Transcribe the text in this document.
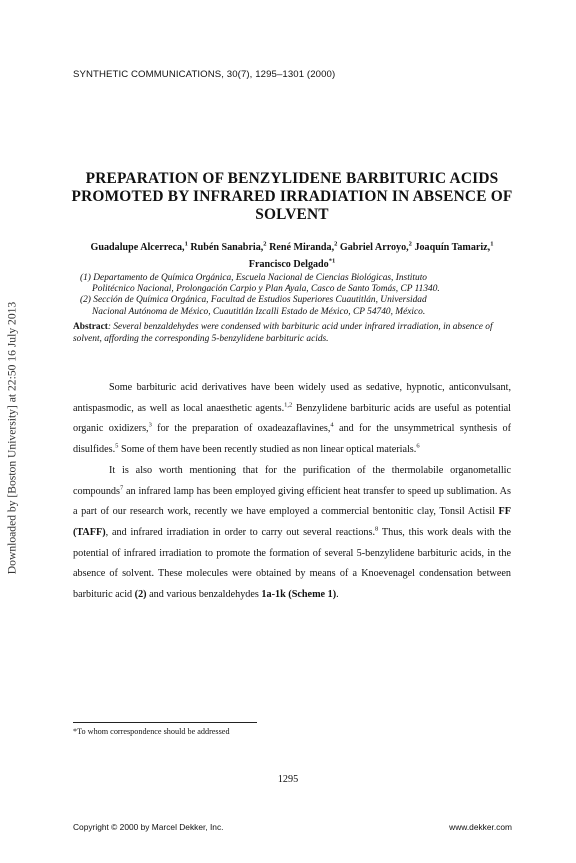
Downloaded by [Boston University] at 22:50 16 July 2013
SYNTHETIC COMMUNICATIONS, 30(7), 1295–1301 (2000)
PREPARATION OF BENZYLIDENE BARBITURIC ACIDS PROMOTED BY INFRARED IRRADIATION IN ABSENCE OF SOLVENT
Guadalupe Alcerreca,$^1$ Rubén Sanabria,$^2$ René Miranda,$^2$ Gabriel Arroyo,$^2$ Joaquín Tamariz,$^1$ Francisco Delgado$^{*1}$
(1) Departamento de Química Orgánica, Escuela Nacional de Ciencias Biológicas, Instituto
Politécnico Nacional, Prolongación Carpio y Plan Ayala, Casco de Santo Tomás, CP 11340.
(2) Sección de Química Orgánica, Facultad de Estudios Superiores Cuautitlán, Universidad
Nacional Autónoma de México, Cuautitlán Izcalli Estado de México, CP 54740, México.
Abstract: Several benzaldehydes were condensed with barbituric acid under infrared irradiation, in absence of solvent, affording the corresponding 5-benzylidene barbituric acids.

Some barbituric acid derivatives have been widely used as sedative, hypnotic, anticonvulsant, antispasmodic, as well as local anaesthetic agents.$^{1,2}$ Benzylidene barbituric acids are useful as potential organic oxidizers,$^3$ for the preparation of oxadeazaflavines,$^4$ and for the unsymmetrical synthesis of disulfides.$^5$ Some of them have been recently studied as non linear optical materials.$^6$

It is also worth mentioning that for the purification of the thermolabile organometallic compounds$^7$ an infrared lamp has been employed giving efficient heat transfer to speed up sublimation. As a part of our research work, recently we have employed a commercial bentonitic clay, Tonsil Actisil FF (TAFF), and infrared irradiation in order to carry out several reactions.$^8$ Thus, this work deals with the potential of infrared irradiation to promote the formation of several 5-benzylidene barbituric acids, in the absence of solvent. These molecules were obtained by means of a Knoevenagel condensation between barbituric acid (2) and various benzaldehydes 1a-1k (Scheme 1).

*To whom correspondence should be addressed
1295
Copyright © 2000 by Marcel Dekker, Inc.	www.dekker.com
